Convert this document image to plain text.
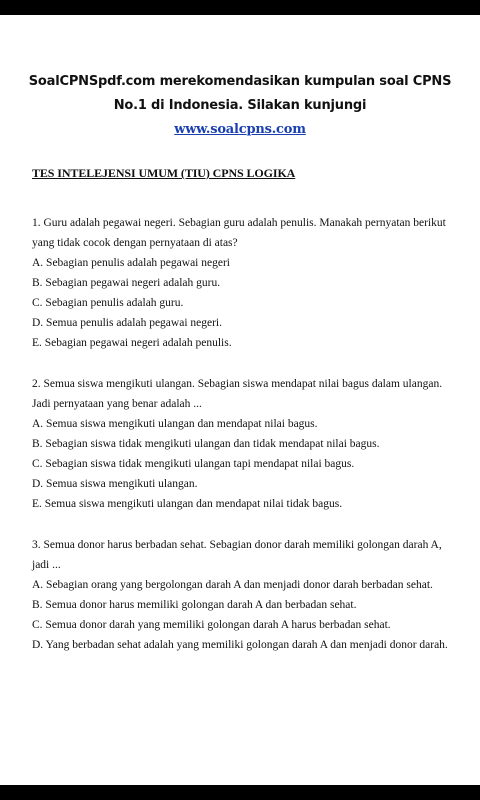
SoalCPNSpdf.com merekomendasikan kumpulan soal CPNS
No.1 di Indonesia. Silakan kunjungi
www.soalcpns.com
TES INTELEJENSI UMUM (TIU) CPNS LOGIKA
1. Guru adalah pegawai negeri. Sebagian guru adalah penulis. Manakah pernyatan berikut yang tidak cocok dengan pernyataan di atas?
A. Sebagian penulis adalah pegawai negeri
B. Sebagian pegawai negeri adalah guru.
C. Sebagian penulis adalah guru.
D. Semua penulis adalah pegawai negeri.
E. Sebagian pegawai negeri adalah penulis.
2. Semua siswa mengikuti ulangan. Sebagian siswa mendapat nilai bagus dalam ulangan. Jadi pernyataan yang benar adalah ...
A. Semua siswa mengikuti ulangan dan mendapat nilai bagus.
B. Sebagian siswa tidak mengikuti ulangan dan tidak mendapat nilai bagus.
C. Sebagian siswa tidak mengikuti ulangan tapi mendapat nilai bagus.
D. Semua siswa mengikuti ulangan.
E. Semua siswa mengikuti ulangan dan mendapat nilai tidak bagus.
3. Semua donor harus berbadan sehat. Sebagian donor darah memiliki golongan darah A, jadi ...
A. Sebagian orang yang bergolongan darah A dan menjadi donor darah berbadan sehat.
B. Semua donor harus memiliki golongan darah A dan berbadan sehat.
C. Semua donor darah yang memiliki golongan darah A harus berbadan sehat.
D. Yang berbadan sehat adalah yang memiliki golongan darah A dan menjadi donor darah.
